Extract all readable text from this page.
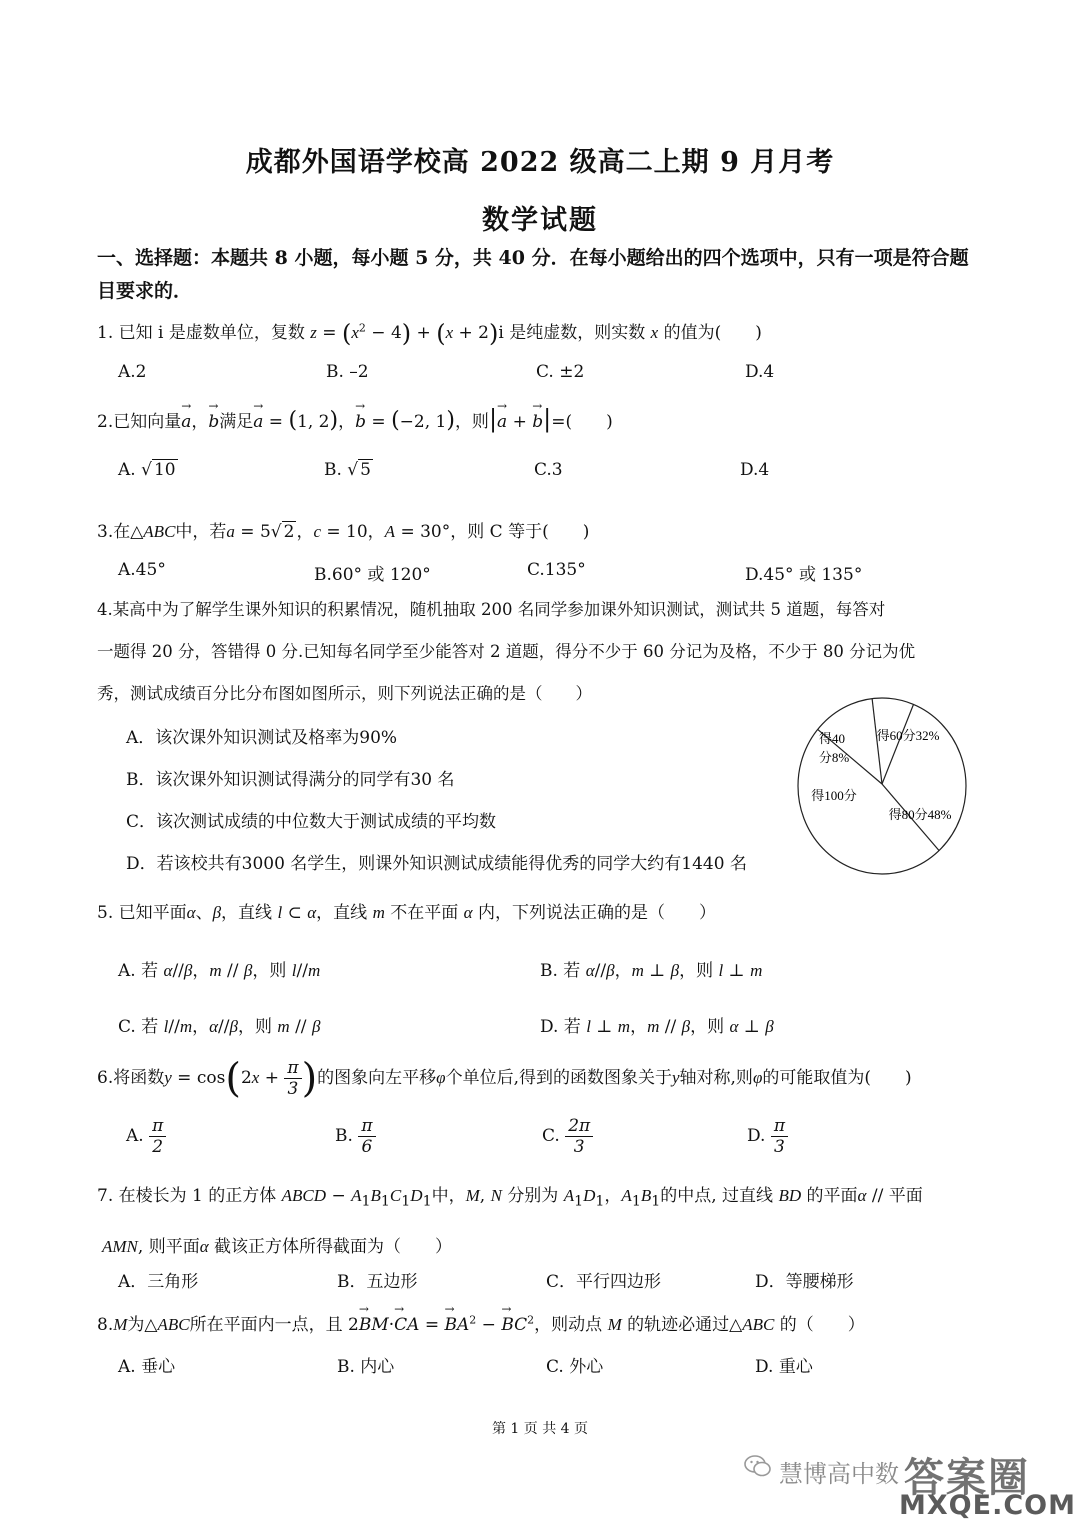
成都外国语学校高 2022 级高二上期 9 月月考
数学试题
一、选择题：本题共 8 小题，每小题 5 分，共 40 分．在每小题给出的四个选项中，只有一项是符合题目要求的．
1. 已知 i 是虚数单位，复数 $z = (x^2 - 4) + (x + 2)i$ 是纯虚数，则实数 x 的值为(　　)
A.2	B. –2	C. ±2	D.4
2.已知向量→ a，→ b满足→ a = (1, 2)，→ b = (−2, 1)，则|→ a + → b|=(　　)
A. √ 10	B. √ 5	C.3	D.4
3.在△ABC中，若a = 5√ 2 ，c = 10，A = 30°，则 C 等于(　　)
A.45°	B.60° 或 120°	C.135°	D.45° 或 135°
4.某高中为了解学生课外知识的积累情况，随机抽取 200 名同学参加课外知识测试，测试共 5 道题，每答对
一题得 20 分，答错得 0 分.已知每名同学至少能答对 2 道题，得分不少于 60 分记为及格，不少于 80 分记为优
秀，测试成绩百分比分布图如图所示，则下列说法正确的是（　　）
A．该次课外知识测试及格率为90%
B．该次课外知识测试得满分的同学有30 名
C．该次测试成绩的中位数大于测试成绩的平均数
D．若该校共有3000 名学生，则课外知识测试成绩能得优秀的同学大约有1440 名
得60分32%
得80分48%
得100分
得40
分8%
5. 已知平面α、β，直线 l ⊂ α，直线 m 不在平面 α 内，下列说法正确的是（　　）
A. 若 α//β，m // β，则 l//m	B. 若 α//β，m ⊥ β，则 l ⊥ m
C. 若 l//m，α//β，则 m // β	D. 若 l ⊥ m，m // β，则 α ⊥ β
6.将函数$y = \cos(2x + \frac{\pi}{3}$ )的图象向左平移φ个单位后,得到的函数图象关于y轴对称,则φ的可能取值为(　　)
A. $\frac{\pi}{2}$	B. $\frac{\pi}{6}$	C. $\frac{2\pi}{3}$	D. $\frac{\pi}{3}$
7. 在棱长为 1 的正方体 ABCD − $A_1B_1C_1D_1$中，M, N 分别为 $A_1D_1$，$A_1B_1$的中点, 过直线 BD 的平面α // 平面
AMN, 则平面α 截该正方体所得截面为（　　）
A．三角形	B．五边形	C．平行四边形	D．等腰梯形
8.M为△ABC所在平面内一点，且 2→ BM·→ CA = → $BA^2$ − → $BC^2$，则动点 M 的轨迹必通过△ABC 的（　　）
A. 垂心	B. 内心	C. 外心	D. 重心
第 1 页 共 4 页
慧博高中数 答案圈
MXQE.COM
